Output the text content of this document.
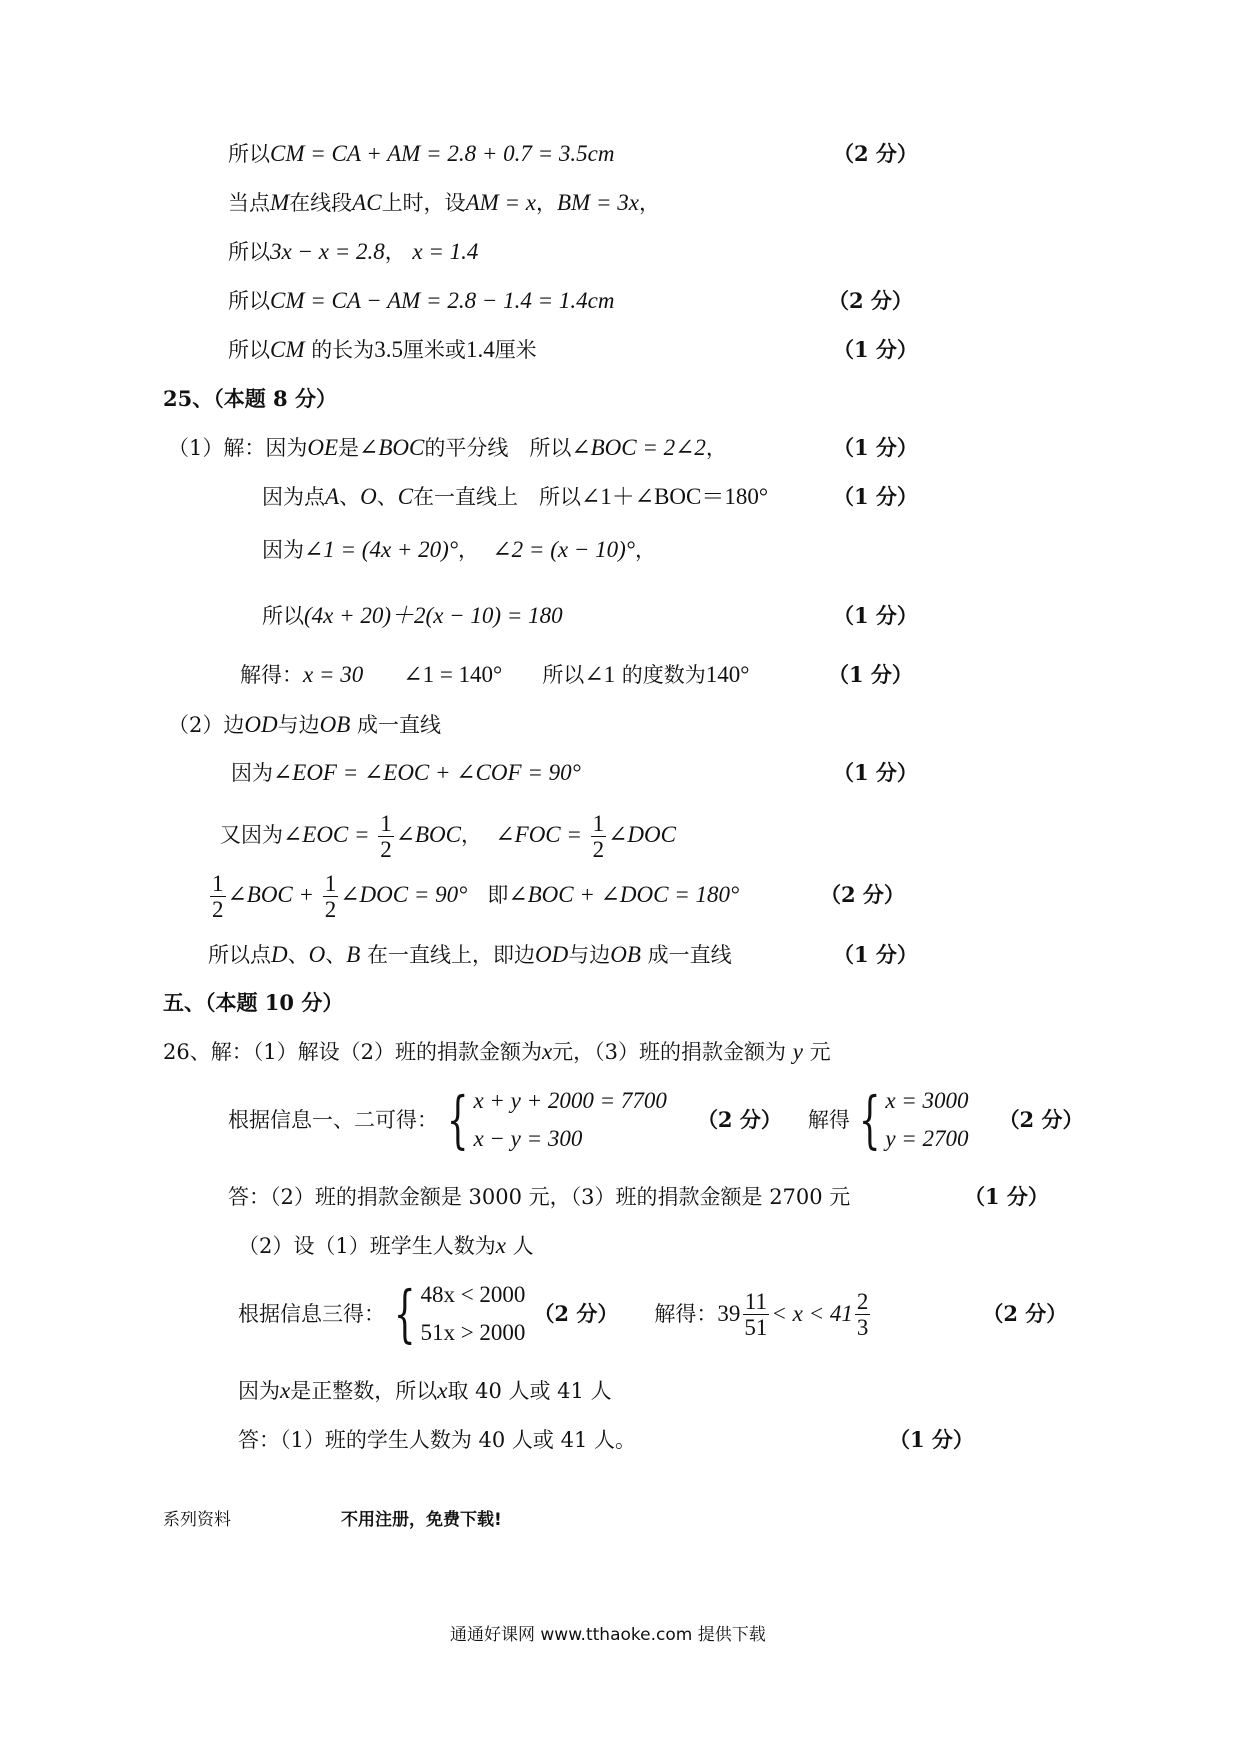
所以CM = CA + AM = 2.8 + 0.7 = 3.5cm	（2 分）
当点M在线段AC上时，设AM = x，BM = 3x，
所以3x − x = 2.8， x = 1.4
所以CM = CA − AM = 2.8 − 1.4 = 1.4cm	（2 分）
所以CM 的长为3.5厘米或1.4厘米	（1 分）
25、（本题 8 分）
（1）解：因为OE是∠BOC的平分线　所以∠BOC = 2∠2，	（1 分）
因为点A、O、C在一直线上　所以∠1＋∠BOC＝180°	（1 分）
因为∠1 = (4x + 20)°， ∠2 = (x − 10)°，
所以(4x + 20)＋2(x − 10) = 180	（1 分）
解得：x = 30 ∠1 = 140° 所以∠1 的度数为140°	（1 分）
（2）边OD与边OB 成一直线
因为∠EOF = ∠EOC + ∠COF = 90°	（1 分）
又因为∠EOC = $\frac{1}{2}$ ∠BOC， ∠FOC = $\frac{1}{2}$ ∠DOC
$\frac{1}{2}$ ∠BOC + $\frac{1}{2}$ ∠DOC = 90° 即∠BOC + ∠DOC = 180°	（2 分）
所以点D、O、B 在一直线上，即边OD与边OB 成一直线	（1 分）
五、（本题 10 分）
26、解：（1）解设（2）班的捐款金额为x元，（3）班的捐款金额为 y 元
根据信息一、二可得： { x + y + 2000 = 7700
x − y = 300
（2 分） 解得 { x = 3000
y = 2700
（2 分）
答：（2）班的捐款金额是 3000 元，（3）班的捐款金额是 2700 元	（1 分）
（2）设（1）班学生人数为x 人
根据信息三得： { 48x < 2000
51x > 2000
（2 分） 解得： $39 \frac{11}{51} < x < 41 \frac{2}{3}$	（2 分）
因为x是正整数，所以x取 40 人或 41 人
答：（1）班的学生人数为 40 人或 41 人。	（1 分）
系列资料	不用注册，免费下载!
通通好课网 www.tthaoke.com 提供下载
